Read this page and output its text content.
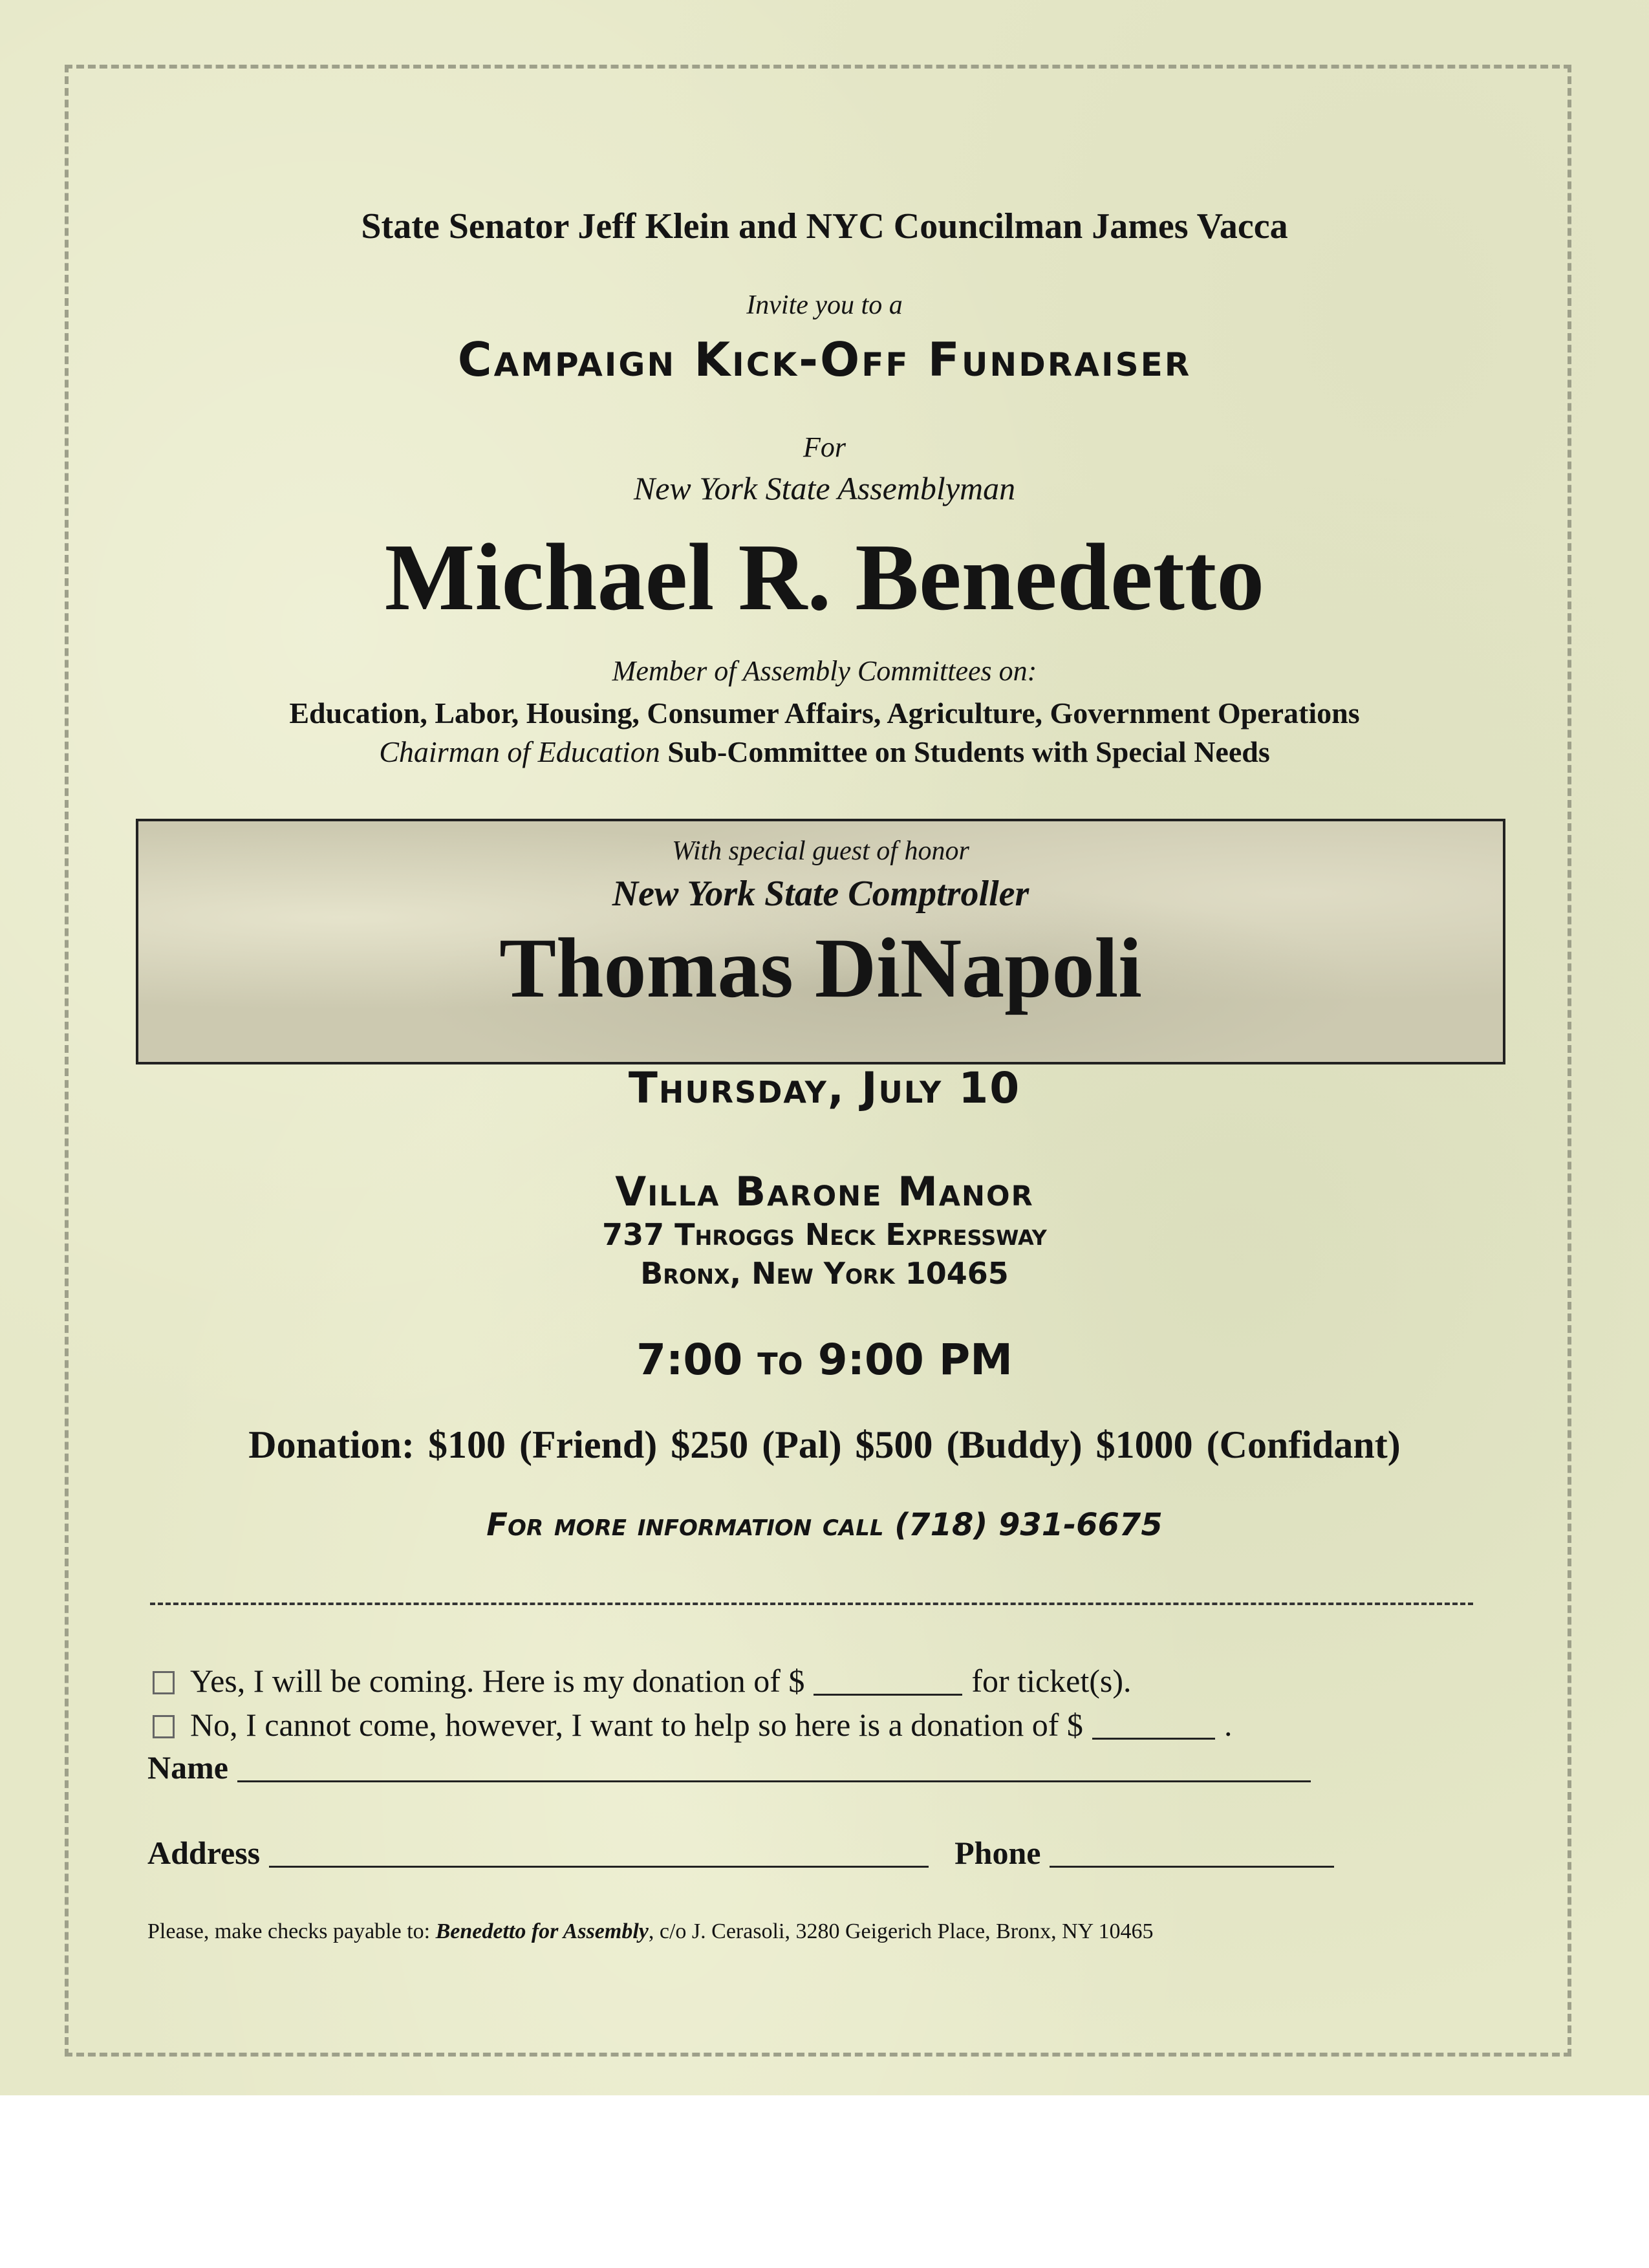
State Senator Jeff Klein and NYC Councilman James Vacca
Invite you to a
Campaign Kick-Off Fundraiser
For
New York State Assemblyman
Michael R. Benedetto
Member of Assembly Committees on:
Education, Labor, Housing, Consumer Affairs, Agriculture, Government Operations
Chairman of Education Sub-Committee on Students with Special Needs
With special guest of honor
New York State Comptroller
Thomas DiNapoli
Thursday, July 10
Villa Barone Manor
737 Throggs Neck Expressway
Bronx, New York 10465
7:00 to 9:00 PM
Donation: $100 (Friend) $250 (Pal) $500 (Buddy) $1000 (Confidant)
For more information call (718) 931-6675
Yes, I will be coming. Here is my donation of $	for ticket(s).
No, I cannot come, however, I want to help so here is a donation of $	.
Name
Address	Phone
Please, make checks payable to: Benedetto for Assembly, c/o J. Cerasoli, 3280 Geigerich Place, Bronx, NY 10465
